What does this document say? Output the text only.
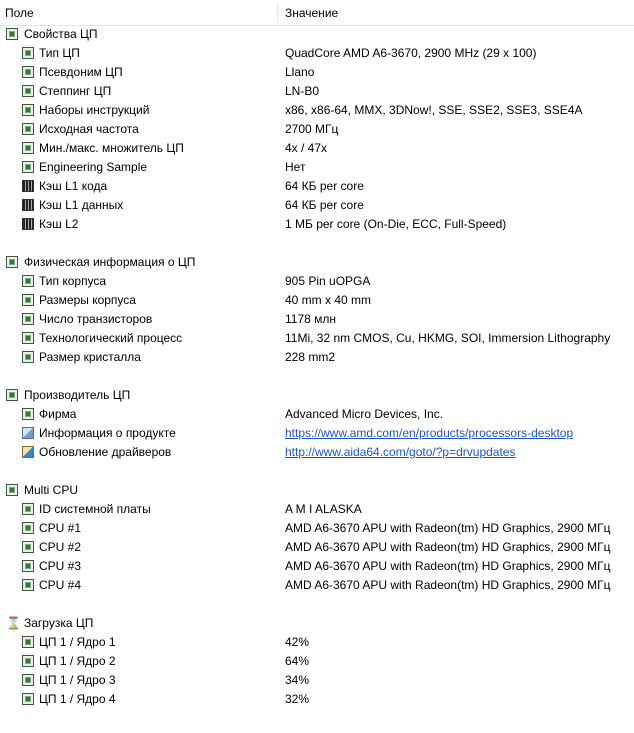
Поле	Значение
Свойства ЦП
Тип ЦП	QuadCore AMD A6-3670, 2900 MHz (29 x 100)
Псевдоним ЦП	Llano
Степпинг ЦП	LN-B0
Наборы инструкций	x86, x86-64, MMX, 3DNow!, SSE, SSE2, SSE3, SSE4A
Исходная частота	2700 МГц
Мин./макс. множитель ЦП	4x / 47x
Engineering Sample	Нет
Кэш L1 кода	64 КБ per core
Кэш L1 данных	64 КБ per core
Кэш L2	1 МБ per core (On-Die, ECC, Full-Speed)
Физическая информация о ЦП
Тип корпуса	905 Pin uOPGA
Размеры корпуса	40 mm x 40 mm
Число транзисторов	1178 млн
Технологический процесс	11Mi, 32 nm CMOS, Cu, HKMG, SOI, Immersion Lithography
Размер кристалла	228 mm2
Производитель ЦП
Фирма	Advanced Micro Devices, Inc.
Информация о продукте	https://www.amd.com/en/products/processors-desktop
Обновление драйверов	http://www.aida64.com/goto/?p=drvupdates
Multi CPU
ID системной платы	A M I ALASKA
CPU #1	AMD A6-3670 APU with Radeon(tm) HD Graphics, 2900 МГц
CPU #2	AMD A6-3670 APU with Radeon(tm) HD Graphics, 2900 МГц
CPU #3	AMD A6-3670 APU with Radeon(tm) HD Graphics, 2900 МГц
CPU #4	AMD A6-3670 APU with Radeon(tm) HD Graphics, 2900 МГц
⌛ Загрузка ЦП
ЦП 1 / Ядро 1	42%
ЦП 1 / Ядро 2	64%
ЦП 1 / Ядро 3	34%
ЦП 1 / Ядро 4	32%
